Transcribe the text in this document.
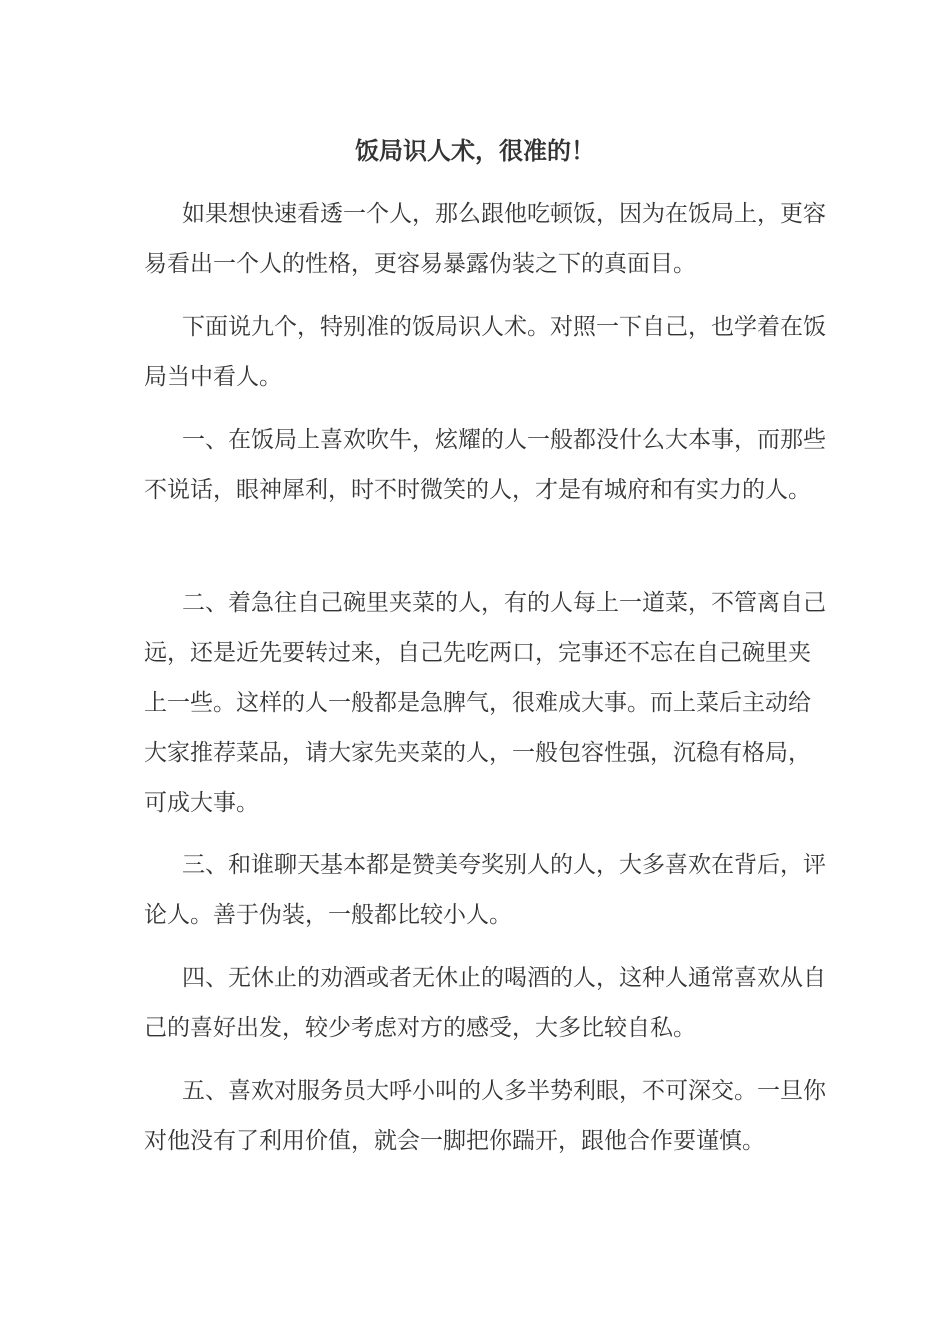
饭局识人术，很准的！

如果想快速看透一个人，那么跟他吃顿饭，因为在饭局上，更容易看出一个人的性格，更容易暴露伪装之下的真面目。

下面说九个，特别准的饭局识人术。对照一下自己，也学着在饭局当中看人。

一、在饭局上喜欢吹牛，炫耀的人一般都没什么大本事，而那些不说话，眼神犀利，时不时微笑的人，才是有城府和有实力的人。

二、着急往自己碗里夹菜的人，有的人每上一道菜，不管离自己远，还是近先要转过来，自己先吃两口，完事还不忘在自己碗里夹上一些。这样的人一般都是急脾气，很难成大事。而上菜后主动给大家推荐菜品，请大家先夹菜的人，一般包容性强，沉稳有格局，可成大事。

三、和谁聊天基本都是赞美夸奖别人的人，大多喜欢在背后，评论人。善于伪装，一般都比较小人。

四、无休止的劝酒或者无休止的喝酒的人，这种人通常喜欢从自己的喜好出发，较少考虑对方的感受，大多比较自私。

五、喜欢对服务员大呼小叫的人多半势利眼，不可深交。一旦你对他没有了利用价值，就会一脚把你踹开，跟他合作要谨慎。
